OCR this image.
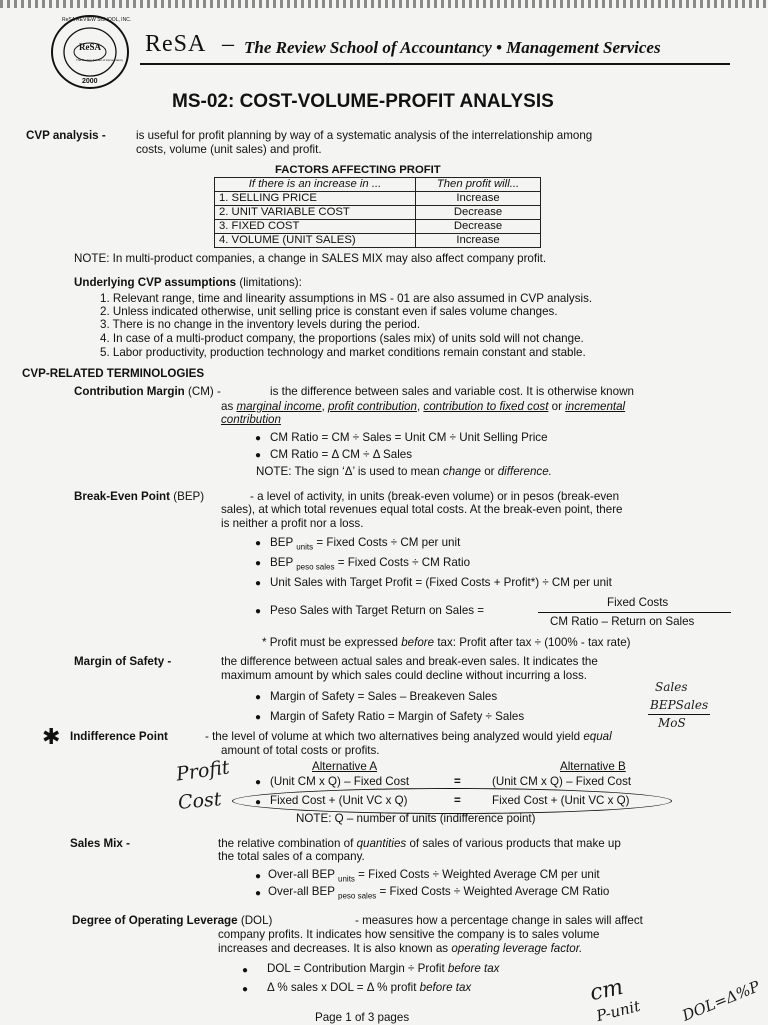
ReSA
ReSA REVIEW SCHOOL, INC.
The Review School of Accountancy
2000
ReSA – The Review School of Accountancy • Management Services
MS-02: COST-VOLUME-PROFIT ANALYSIS
CVP analysis -	is useful for profit planning by way of a systematic analysis of the interrelationship among
costs, volume (unit sales) and profit.
FACTORS AFFECTING PROFIT
If there is an increase in ...	Then profit will...
1. SELLING PRICE	Increase
2. UNIT VARIABLE COST	Decrease
3. FIXED COST	Decrease
4. VOLUME (UNIT SALES)	Increase
NOTE: In multi-product companies, a change in SALES MIX may also affect company profit.
Underlying CVP assumptions (limitations):
1. Relevant range, time and linearity assumptions in MS - 01 are also assumed in CVP analysis.
2. Unless indicated otherwise, unit selling price is constant even if sales volume changes.
3. There is no change in the inventory levels during the period.
4. In case of a multi-product company, the proportions (sales mix) of units sold will not change.
5. Labor productivity, production technology and market conditions remain constant and stable.
CVP-RELATED TERMINOLOGIES
Contribution Margin (CM) -	is the difference between sales and variable cost. It is otherwise known
as marginal income, profit contribution, contribution to fixed cost or incremental
contribution
● CM Ratio = CM ÷ Sales = Unit CM ÷ Unit Selling Price
● CM Ratio = Δ CM ÷ Δ Sales
NOTE: The sign ‘Δ’ is used to mean change or difference.
Break-Even Point (BEP)	- a level of activity, in units (break-even volume) or in pesos (break-even
sales), at which total revenues equal total costs. At the break-even point, there
is neither a profit nor a loss.
● BEP $_{units}$ = Fixed Costs ÷ CM per unit
● BEP $_{peso sales}$ = Fixed Costs ÷ CM Ratio
● Unit Sales with Target Profit = (Fixed Costs + Profit*) ÷ CM per unit
● Peso Sales with Target Return on Sales =
Fixed Costs
CM Ratio – Return on Sales
* Profit must be expressed before tax: Profit after tax ÷ (100% - tax rate)
Margin of Safety -	the difference between actual sales and break-even sales. It indicates the
maximum amount by which sales could decline without incurring a loss.
● Margin of Safety = Sales – Breakeven Sales
● Margin of Safety Ratio = Margin of Safety ÷ Sales
✱ Indifference Point	- the level of volume at which two alternatives being analyzed would yield equal
amount of total costs or profits.
Alternative A	Alternative B
● (Unit CM x Q) – Fixed Cost	=	(Unit CM x Q) – Fixed Cost
● Fixed Cost + (Unit VC x Q)	=	Fixed Cost + (Unit VC x Q)
NOTE: Q – number of units (indifference point)
Sales Mix -	the relative combination of quantities of sales of various products that make up
the total sales of a company.
● Over-all BEP $_{units}$ = Fixed Costs ÷ Weighted Average CM per unit
● Over-all BEP $_{peso sales}$ = Fixed Costs ÷ Weighted Average CM Ratio
Degree of Operating Leverage (DOL)	- measures how a percentage change in sales will affect
company profits. It indicates how sensitive the company is to sales volume
increases and decreases. It is also known as operating leverage factor.
● DOL = Contribution Margin ÷ Profit before tax
● Δ % sales x DOL = Δ % profit before tax
Profit
Cost
Sales
BEPSales
MoS
cm
P-unit	DOL=Δ%P
Page 1 of 3 pages
